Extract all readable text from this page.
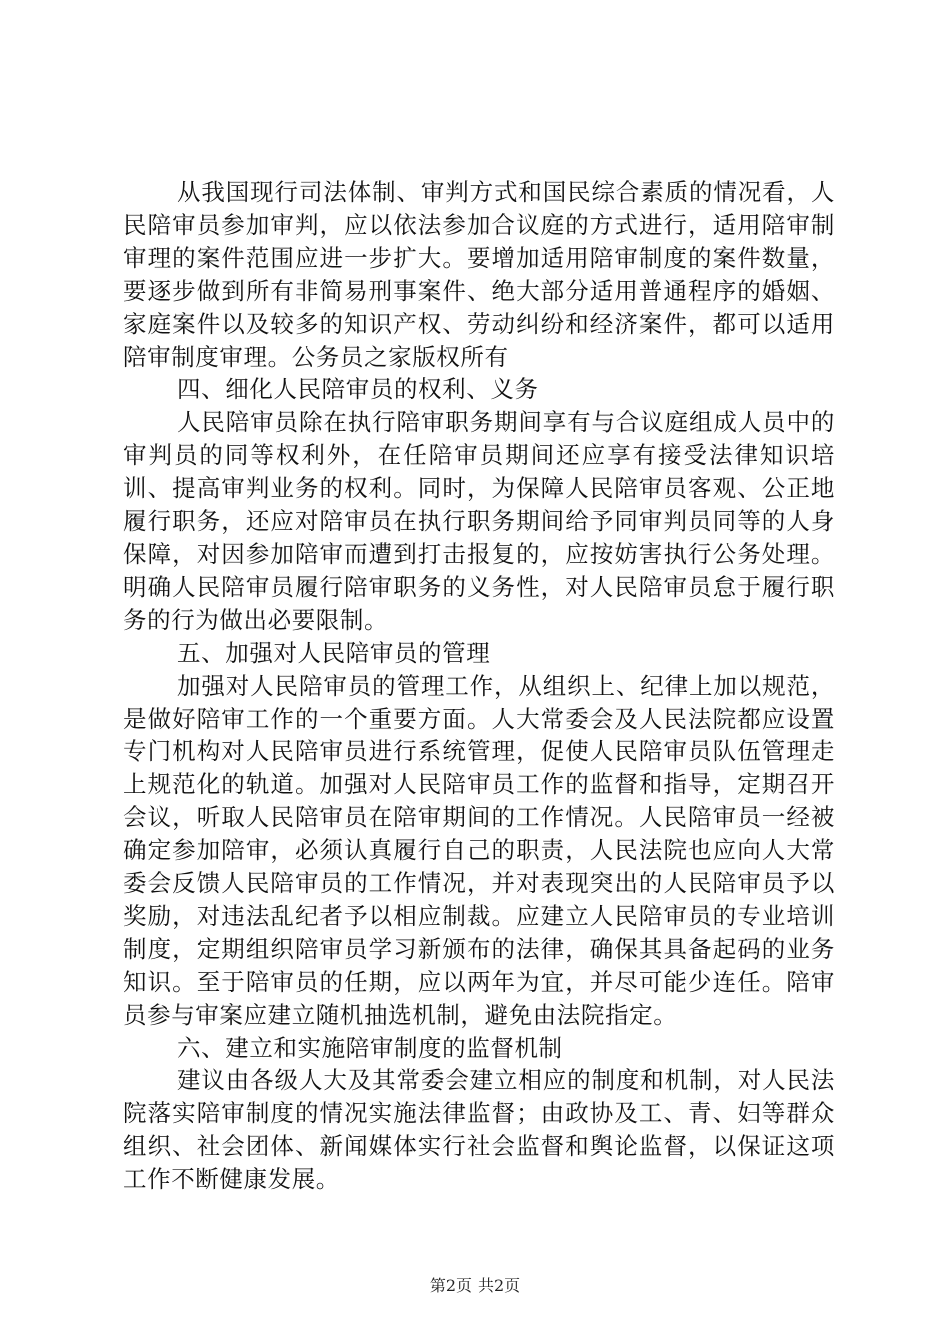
从我国现行司法体制、审判方式和国民综合素质的情况看，人民陪审员参加审判，应以依法参加合议庭的方式进行，适用陪审制审理的案件范围应进一步扩大。要增加适用陪审制度的案件数量，要逐步做到所有非简易刑事案件、绝大部分适用普通程序的婚姻、家庭案件以及较多的知识产权、劳动纠纷和经济案件，都可以适用陪审制度审理。公务员之家版权所有

四、细化人民陪审员的权利、义务

人民陪审员除在执行陪审职务期间享有与合议庭组成人员中的审判员的同等权利外，在任陪审员期间还应享有接受法律知识培训、提高审判业务的权利。同时，为保障人民陪审员客观、公正地履行职务，还应对陪审员在执行职务期间给予同审判员同等的人身保障，对因参加陪审而遭到打击报复的，应按妨害执行公务处理。明确人民陪审员履行陪审职务的义务性，对人民陪审员怠于履行职务的行为做出必要限制。

五、加强对人民陪审员的管理

加强对人民陪审员的管理工作，从组织上、纪律上加以规范，是做好陪审工作的一个重要方面。人大常委会及人民法院都应设置专门机构对人民陪审员进行系统管理，促使人民陪审员队伍管理走上规范化的轨道。加强对人民陪审员工作的监督和指导，定期召开会议，听取人民陪审员在陪审期间的工作情况。人民陪审员一经被确定参加陪审，必须认真履行自己的职责，人民法院也应向人大常委会反馈人民陪审员的工作情况，并对表现突出的人民陪审员予以奖励，对违法乱纪者予以相应制裁。应建立人民陪审员的专业培训制度，定期组织陪审员学习新颁布的法律，确保其具备起码的业务知识。至于陪审员的任期，应以两年为宜，并尽可能少连任。陪审员参与审案应建立随机抽选机制，避免由法院指定。

六、建立和实施陪审制度的监督机制

建议由各级人大及其常委会建立相应的制度和机制，对人民法院落实陪审制度的情况实施法律监督；由政协及工、青、妇等群众组织、社会团体、新闻媒体实行社会监督和舆论监督，以保证这项工作不断健康发展。

第2页 共2页
